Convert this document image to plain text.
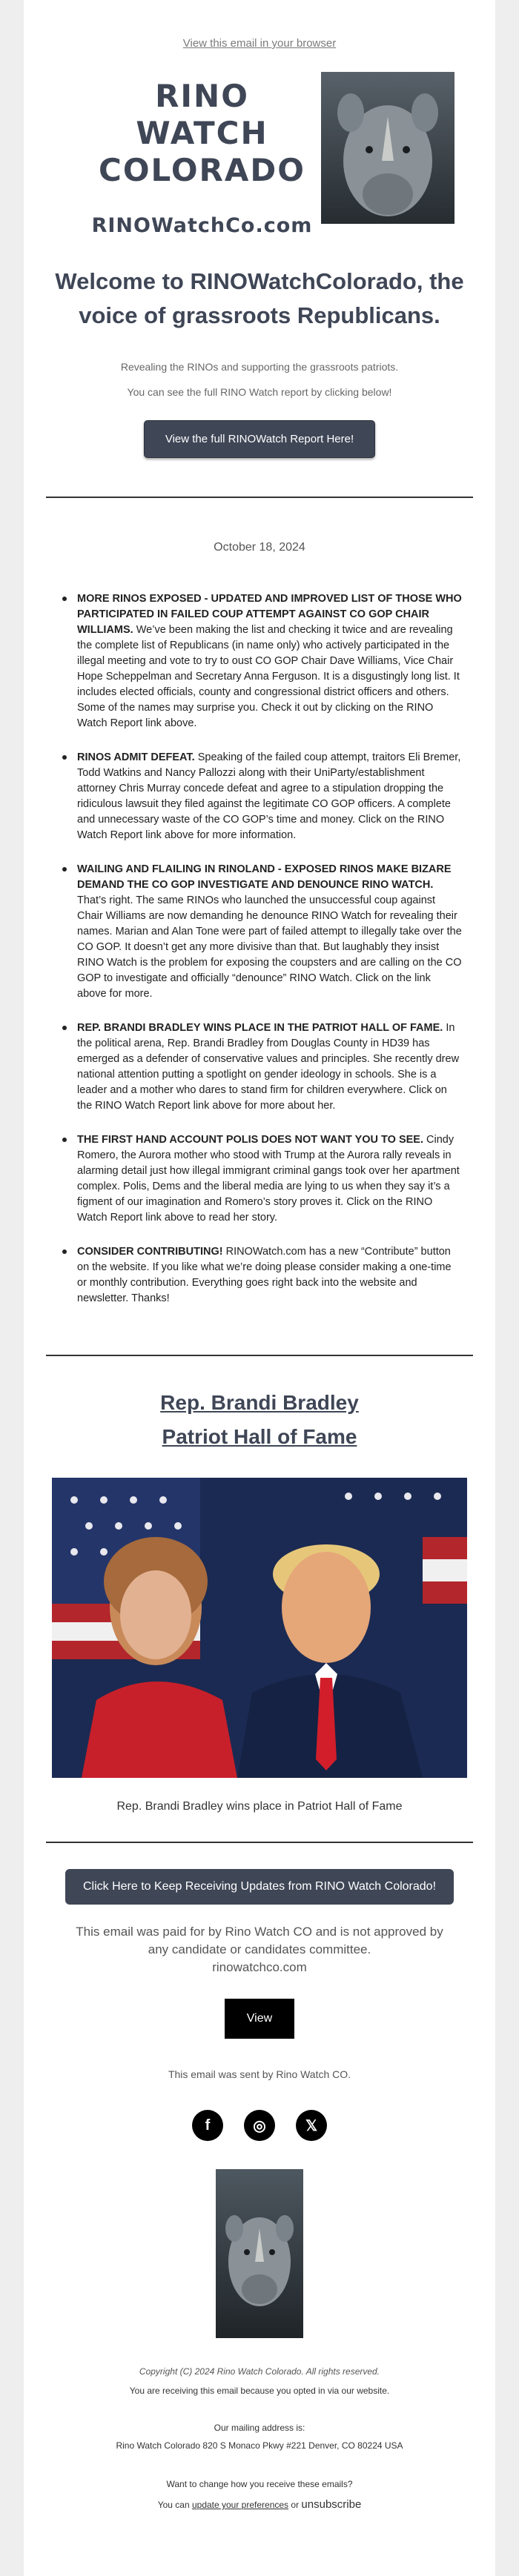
View this email in your browser
RINO WATCH
COLORADO
RINOWatchCo.com
Welcome to RINOWatchColorado, the voice of grassroots Republicans.

Revealing the RINOs and supporting the grassroots patriots.

You can see the full RINO Watch report by clicking below!

View the full RINOWatch Report Here!
October 18, 2024
MORE RINOS EXPOSED - UPDATED AND IMPROVED LIST OF THOSE WHO PARTICIPATED IN FAILED COUP ATTEMPT AGAINST CO GOP CHAIR WILLIAMS. We’ve been making the list and checking it twice and are revealing the complete list of Republicans (in name only) who actively participated in the illegal meeting and vote to try to oust CO GOP Chair Dave Williams, Vice Chair Hope Scheppelman and Secretary Anna Ferguson. It is a disgustingly long list. It includes elected officials, county and congressional district officers and others. Some of the names may surprise you. Check it out by clicking on the RINO Watch Report link above.
RINOS ADMIT DEFEAT. Speaking of the failed coup attempt, traitors Eli Bremer, Todd Watkins and Nancy Pallozzi along with their UniParty/establishment attorney Chris Murray concede defeat and agree to a stipulation dropping the ridiculous lawsuit they filed against the legitimate CO GOP officers. A complete and unnecessary waste of the CO GOP’s time and money. Click on the RINO Watch Report link above for more information.
WAILING AND FLAILING IN RINOLAND - EXPOSED RINOS MAKE BIZARE DEMAND THE CO GOP INVESTIGATE AND DENOUNCE RINO WATCH. That’s right. The same RINOs who launched the unsuccessful coup against Chair Williams are now demanding he denounce RINO Watch for revealing their names. Marian and Alan Tone were part of failed attempt to illegally take over the CO GOP. It doesn’t get any more divisive than that. But laughably they insist RINO Watch is the problem for exposing the coupsters and are calling on the CO GOP to investigate and officially “denounce” RINO Watch. Click on the link above for more.
REP. BRANDI BRADLEY WINS PLACE IN THE PATRIOT HALL OF FAME. In the political arena, Rep. Brandi Bradley from Douglas County in HD39 has emerged as a defender of conservative values and principles. She recently drew national attention putting a spotlight on gender ideology in schools. She is a leader and a mother who dares to stand firm for children everywhere. Click on the RINO Watch Report link above for more about her.
THE FIRST HAND ACCOUNT POLIS DOES NOT WANT YOU TO SEE. Cindy Romero, the Aurora mother who stood with Trump at the Aurora rally reveals in alarming detail just how illegal immigrant criminal gangs took over her apartment complex. Polis, Dems and the liberal media are lying to us when they say it’s a figment of our imagination and Romero’s story proves it. Click on the RINO Watch Report link above to read her story.
CONSIDER CONTRIBUTING! RINOWatch.com has a new “Contribute” button on the website. If you like what we’re doing please consider making a one-time or monthly contribution. Everything goes right back into the website and newsletter. Thanks!
Rep. Brandi Bradley
Patriot Hall of Fame
Rep. Brandi Bradley wins place in Patriot Hall of Fame
Click Here to Keep Receiving Updates from RINO Watch Colorado!
This email was paid for by Rino Watch CO and is not approved by any candidate or candidates committee.
rinowatchco.com
View
This email was sent by Rino Watch CO.
f	◎	𝕏
Copyright (C) 2024 Rino Watch Colorado. All rights reserved.
You are receiving this email because you opted in via our website.
Our mailing address is:
Rino Watch Colorado 820 S Monaco Pkwy #221 Denver, CO 80224 USA
Want to change how you receive these emails?
You can update your preferences or unsubscribe
